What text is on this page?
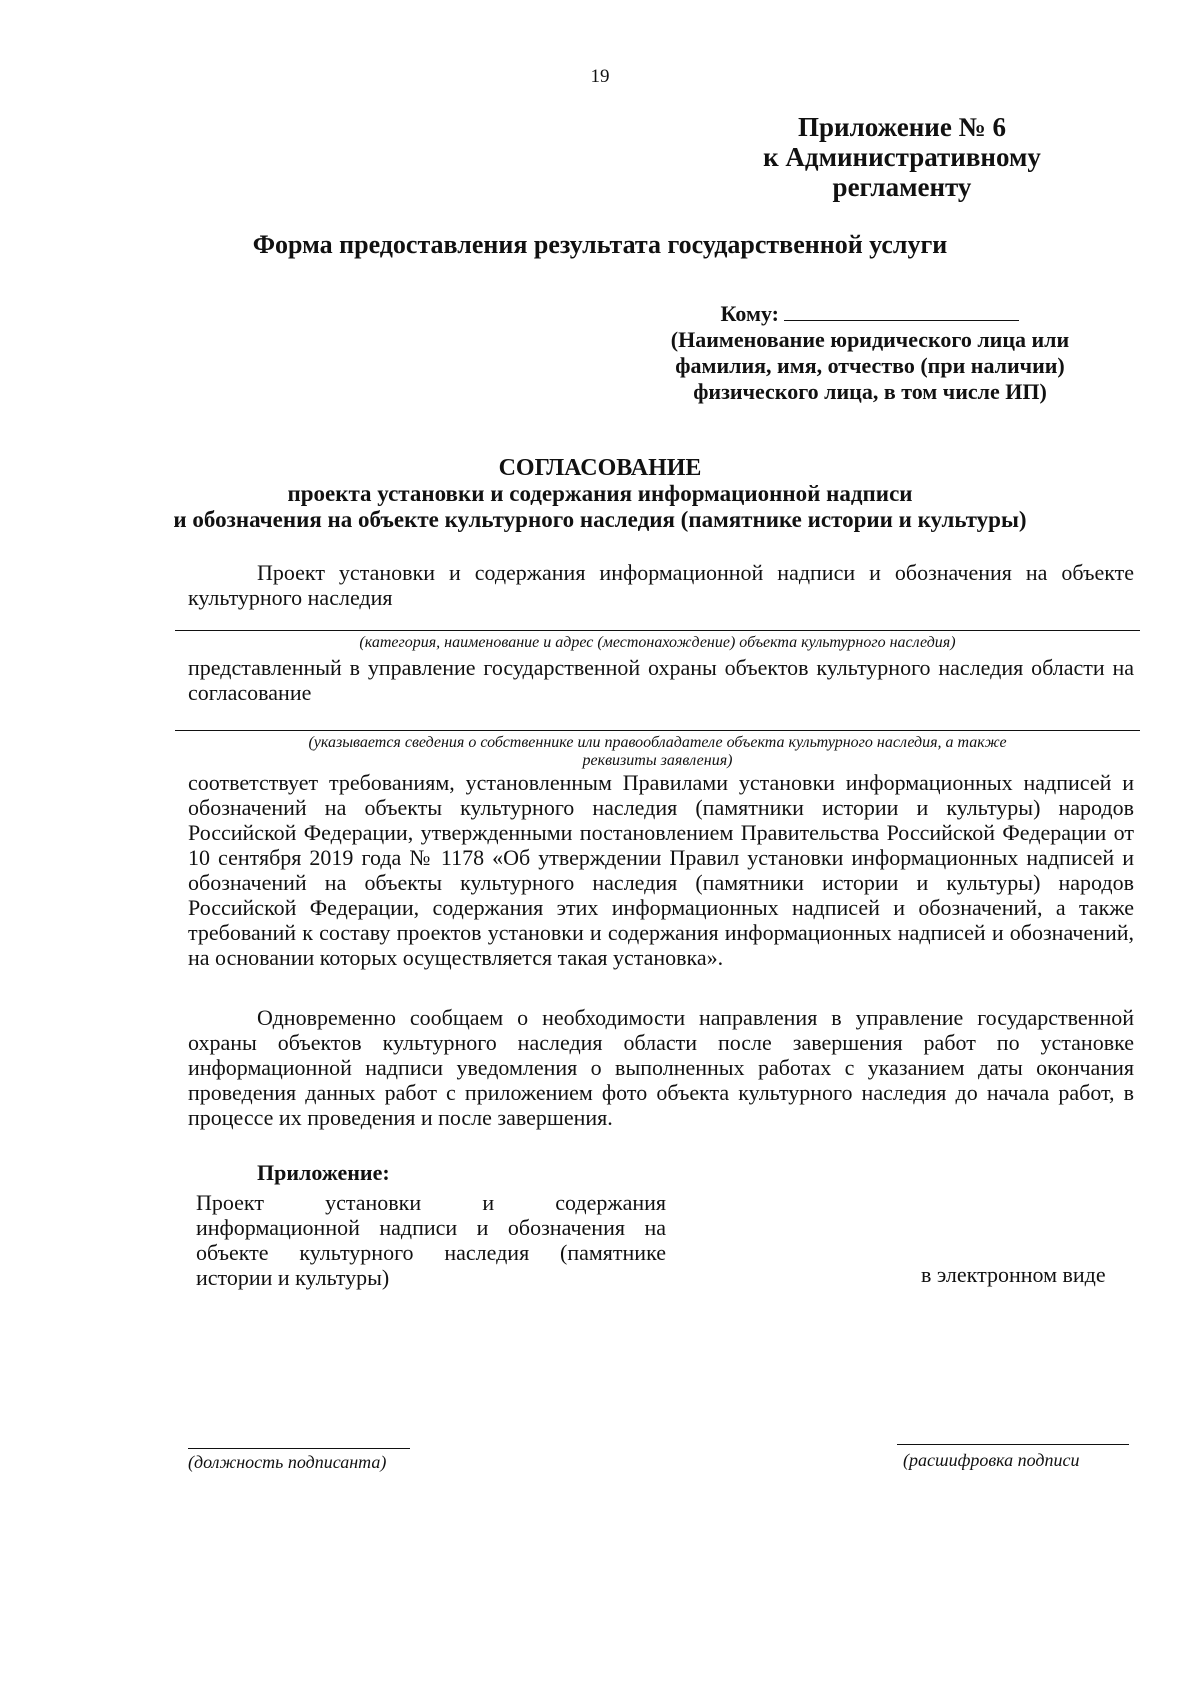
19
Приложение № 6
к Административному
регламенту
Форма предоставления результата государственной услуги
Кому:
(Наименование юридического лица или
фамилия, имя, отчество (при наличии)
физического лица, в том числе ИП)
СОГЛАСОВАНИЕ
проекта установки и содержания информационной надписи
и обозначения на объекте культурного наследия (памятнике истории и культуры)
Проект установки и содержания информационной надписи и обозначения на объекте культурного наследия
(категория, наименование и адрес (местонахождение) объекта культурного наследия)
представленный в управление государственной охраны объектов культурного наследия области на согласование
(указывается сведения о собственнике или правообладателе объекта культурного наследия, а также
реквизиты заявления)
соответствует требованиям, установленным Правилами установки информационных надписей и обозначений на объекты культурного наследия (памятники истории и культуры) народов Российской Федерации, утвержденными постановлением Правительства Российской Федерации от 10 сентября 2019 года № 1178 «Об утверждении Правил установки информационных надписей и обозначений на объекты культурного наследия (памятники истории и культуры) народов Российской Федерации, содержания этих информационных надписей и обозначений, а также требований к составу проектов установки и содержания информационных надписей и обозначений, на основании которых осуществляется такая установка».
Одновременно сообщаем о необходимости направления в управление государственной охраны объектов культурного наследия области после завершения работ по установке информационной надписи уведомления о выполненных работах с указанием даты окончания проведения данных работ с приложением фото объекта культурного наследия до начала работ, в процессе их проведения и после завершения.
Приложение:
Проект установки и содержания информационной надписи и обозначения на объекте культурного наследия (памятнике истории и культуры)	в электронном виде
(должность подписанта)	(расшифровка подписи
